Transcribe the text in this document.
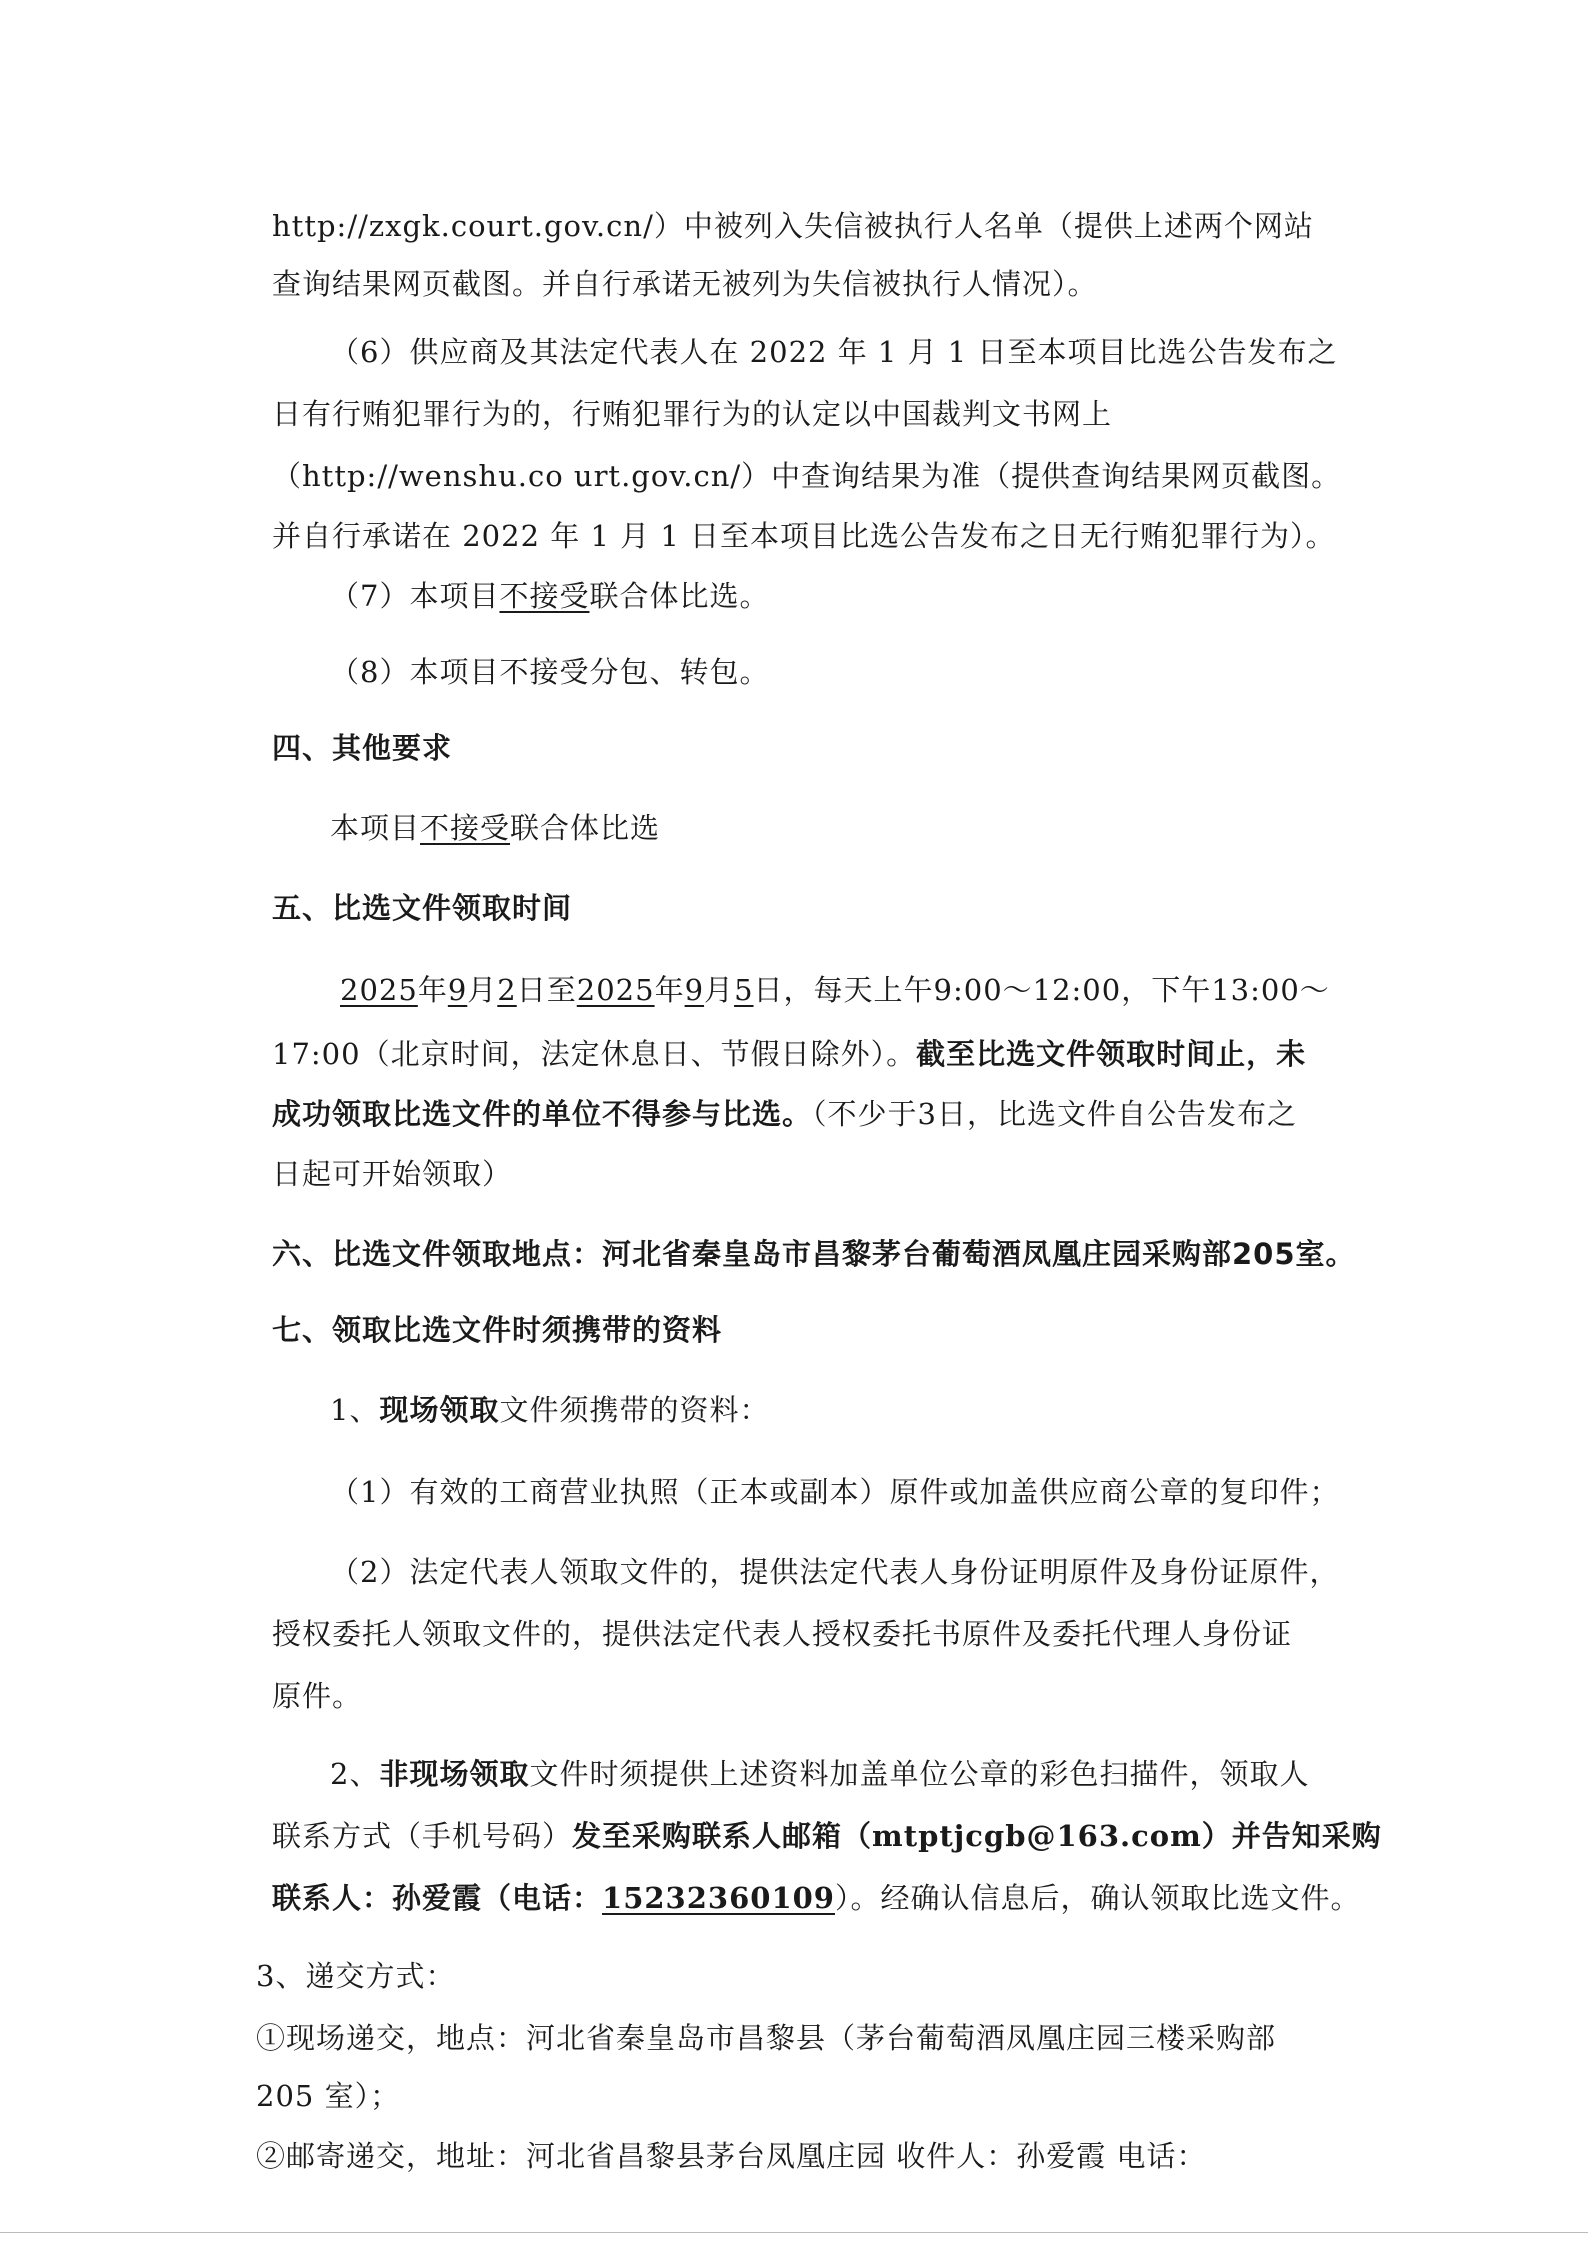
http://zxgk.court.gov.cn/）中被列入失信被执行人名单（提供上述两个网站
查询结果网页截图。并自行承诺无被列为失信被执行人情况）。
（6）供应商及其法定代表人在 2022 年 1 月 1 日至本项目比选公告发布之
日有行贿犯罪行为的，行贿犯罪行为的认定以中国裁判文书网上
（http://wenshu.co urt.gov.cn/）中查询结果为准（提供查询结果网页截图。
并自行承诺在 2022 年 1 月 1 日至本项目比选公告发布之日无行贿犯罪行为）。
（7）本项目不接受联合体比选。
（8）本项目不接受分包、转包。
四、其他要求
本项目不接受联合体比选
五、比选文件领取时间
2025年9月2日至2025年9月5日，每天上午9:00～12:00，下午13:00～
17:00（北京时间，法定休息日、节假日除外）。截至比选文件领取时间止，未
成功领取比选文件的单位不得参与比选。（不少于3日，比选文件自公告发布之
日起可开始领取）
六、比选文件领取地点：河北省秦皇岛市昌黎茅台葡萄酒凤凰庄园采购部205室。
七、领取比选文件时须携带的资料
1、现场领取文件须携带的资料：
（1）有效的工商营业执照（正本或副本）原件或加盖供应商公章的复印件；
（2）法定代表人领取文件的，提供法定代表人身份证明原件及身份证原件，
授权委托人领取文件的，提供法定代表人授权委托书原件及委托代理人身份证
原件。
2、非现场领取文件时须提供上述资料加盖单位公章的彩色扫描件，领取人
联系方式（手机号码）发至采购联系人邮箱（mtptjcgb@163.com）并告知采购
联系人：孙爱霞（电话：15232360109）。经确认信息后，确认领取比选文件。
3、递交方式：
①现场递交，地点：河北省秦皇岛市昌黎县（茅台葡萄酒凤凰庄园三楼采购部
205 室）；
②邮寄递交，地址：河北省昌黎县茅台凤凰庄园 收件人：孙爱霞 电话：
